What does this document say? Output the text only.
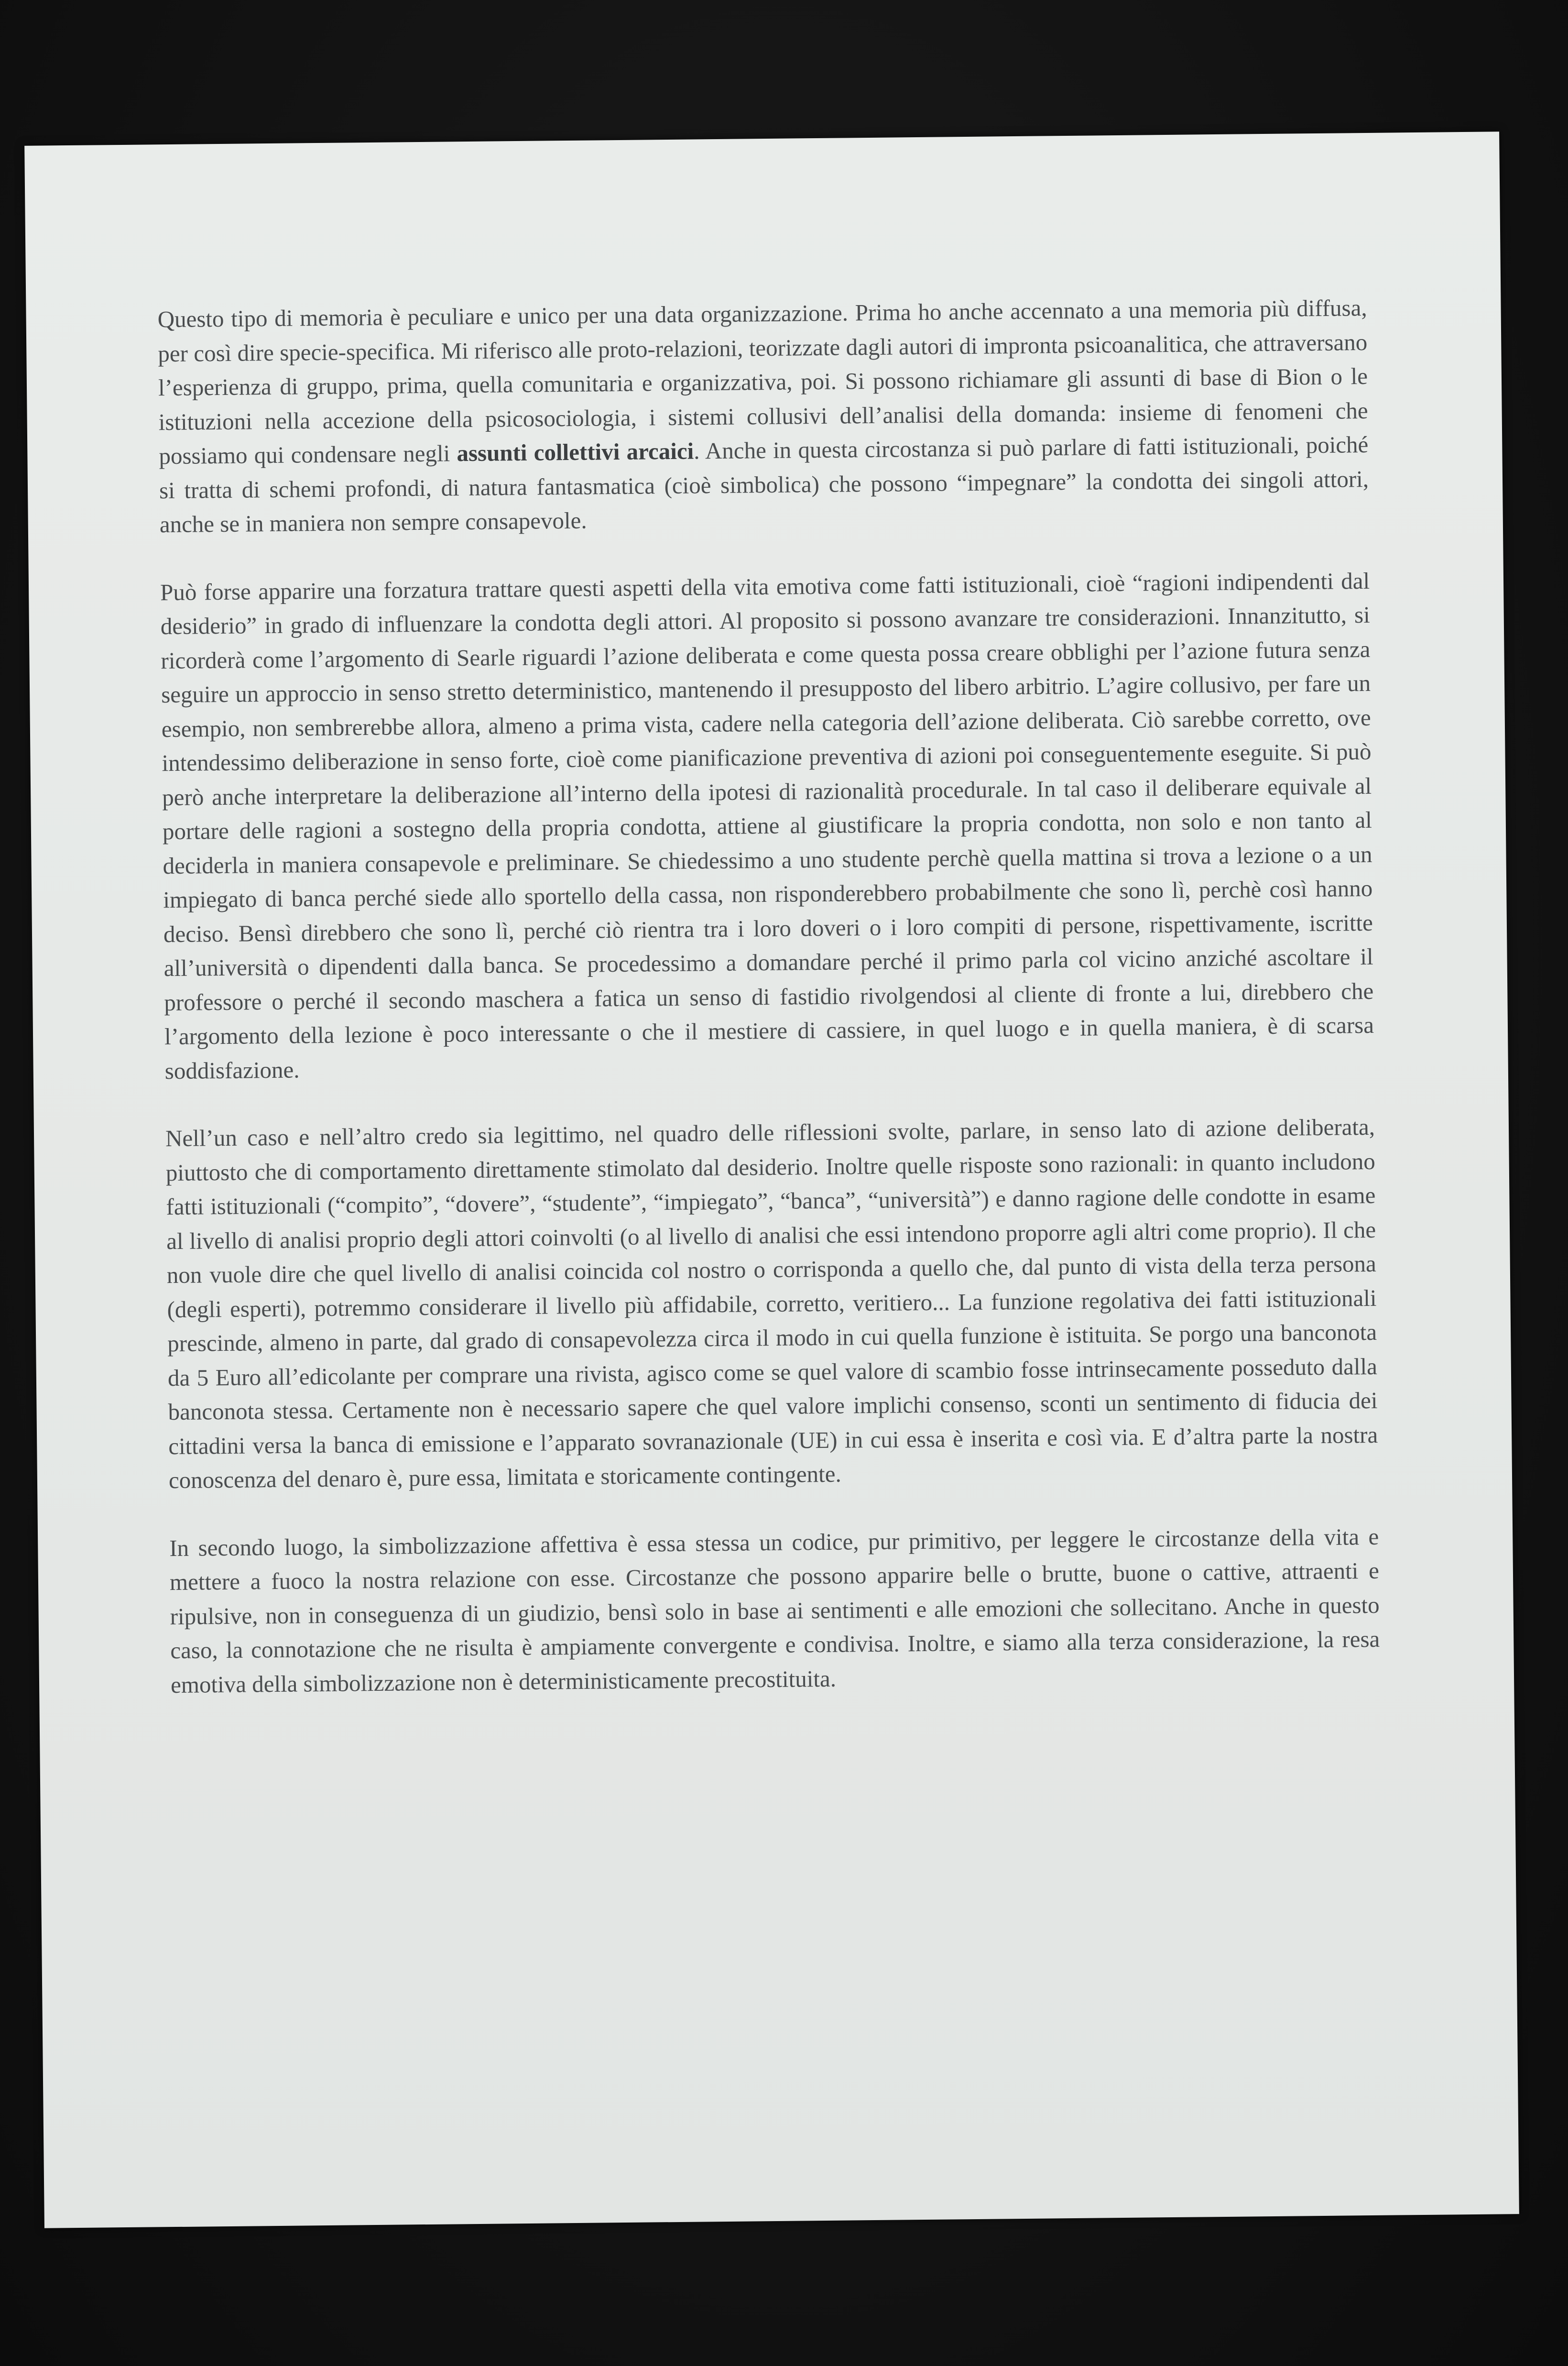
Questo tipo di memoria è peculiare e unico per una data organizzazione. Prima ho anche accennato a una memoria più diffusa, per così dire specie-specifica. Mi riferisco alle proto-relazioni, teorizzate dagli autori di impronta psicoanalitica, che attraversano l’esperienza di gruppo, prima, quella comunitaria e organizzativa, poi. Si possono richiamare gli assunti di base di Bion o le istituzioni nella accezione della psicosociologia, i sistemi collusivi dell’analisi della domanda: insieme di fenomeni che possiamo qui condensare negli assunti collettivi arcaici. Anche in questa circostanza si può parlare di fatti istituzionali, poiché si tratta di schemi profondi, di natura fantasmatica (cioè simbolica) che possono “impegnare” la condotta dei singoli attori, anche se in maniera non sempre consapevole.

Può forse apparire una forzatura trattare questi aspetti della vita emotiva come fatti istituzionali, cioè “ragioni indipendenti dal desiderio” in grado di influenzare la condotta degli attori. Al proposito si possono avanzare tre considerazioni. Innanzitutto, si ricorderà come l’argomento di Searle riguardi l’azione deliberata e come questa possa creare obblighi per l’azione futura senza seguire un approccio in senso stretto deterministico, mantenendo il presupposto del libero arbitrio. L’agire collusivo, per fare un esempio, non sembrerebbe allora, almeno a prima vista, cadere nella categoria dell’azione deliberata. Ciò sarebbe corretto, ove intendessimo deliberazione in senso forte, cioè come pianificazione preventiva di azioni poi conseguentemente eseguite. Si può però anche interpretare la deliberazione all’interno della ipotesi di razionalità procedurale. In tal caso il deliberare equivale al portare delle ragioni a sostegno della propria condotta, attiene al giustificare la propria condotta, non solo e non tanto al deciderla in maniera consapevole e preliminare. Se chiedessimo a uno studente perchè quella mattina si trova a lezione o a un impiegato di banca perché siede allo sportello della cassa, non risponderebbero probabilmente che sono lì, perchè così hanno deciso. Bensì direbbero che sono lì, perché ciò rientra tra i loro doveri o i loro compiti di persone, rispettivamente, iscritte all’università o dipendenti dalla banca. Se procedessimo a domandare perché il primo parla col vicino anziché ascoltare il professore o perché il secondo maschera a fatica un senso di fastidio rivolgendosi al cliente di fronte a lui, direbbero che l’argomento della lezione è poco interessante o che il mestiere di cassiere, in quel luogo e in quella maniera, è di scarsa soddisfazione.

Nell’un caso e nell’altro credo sia legittimo, nel quadro delle riflessioni svolte, parlare, in senso lato di azione deliberata, piuttosto che di comportamento direttamente stimolato dal desiderio. Inoltre quelle risposte sono razionali: in quanto includono fatti istituzionali (“compito”, “dovere”, “studente”, “impiegato”, “banca”, “università”) e danno ragione delle condotte in esame al livello di analisi proprio degli attori coinvolti (o al livello di analisi che essi intendono proporre agli altri come proprio). Il che non vuole dire che quel livello di analisi coincida col nostro o corrisponda a quello che, dal punto di vista della terza persona (degli esperti), potremmo considerare il livello più affidabile, corretto, veritiero... La funzione regolativa dei fatti istituzionali prescinde, almeno in parte, dal grado di consapevolezza circa il modo in cui quella funzione è istituita. Se porgo una banconota da 5 Euro all’edicolante per comprare una rivista, agisco come se quel valore di scambio fosse intrinsecamente posseduto dalla banconota stessa. Certamente non è necessario sapere che quel valore implichi consenso, sconti un sentimento di fiducia dei cittadini versa la banca di emissione e l’apparato sovranazionale (UE) in cui essa è inserita e così via. E d’altra parte la nostra conoscenza del denaro è, pure essa, limitata e storicamente contingente.

In secondo luogo, la simbolizzazione affettiva è essa stessa un codice, pur primitivo, per leggere le circostanze della vita e mettere a fuoco la nostra relazione con esse. Circostanze che possono apparire belle o brutte, buone o cattive, attraenti e ripulsive, non in conseguenza di un giudizio, bensì solo in base ai sentimenti e alle emozioni che sollecitano. Anche in questo caso, la connotazione che ne risulta è ampiamente convergente e condivisa. Inoltre, e siamo alla terza considerazione, la resa emotiva della simbolizzazione non è deterministicamente precostituita.
